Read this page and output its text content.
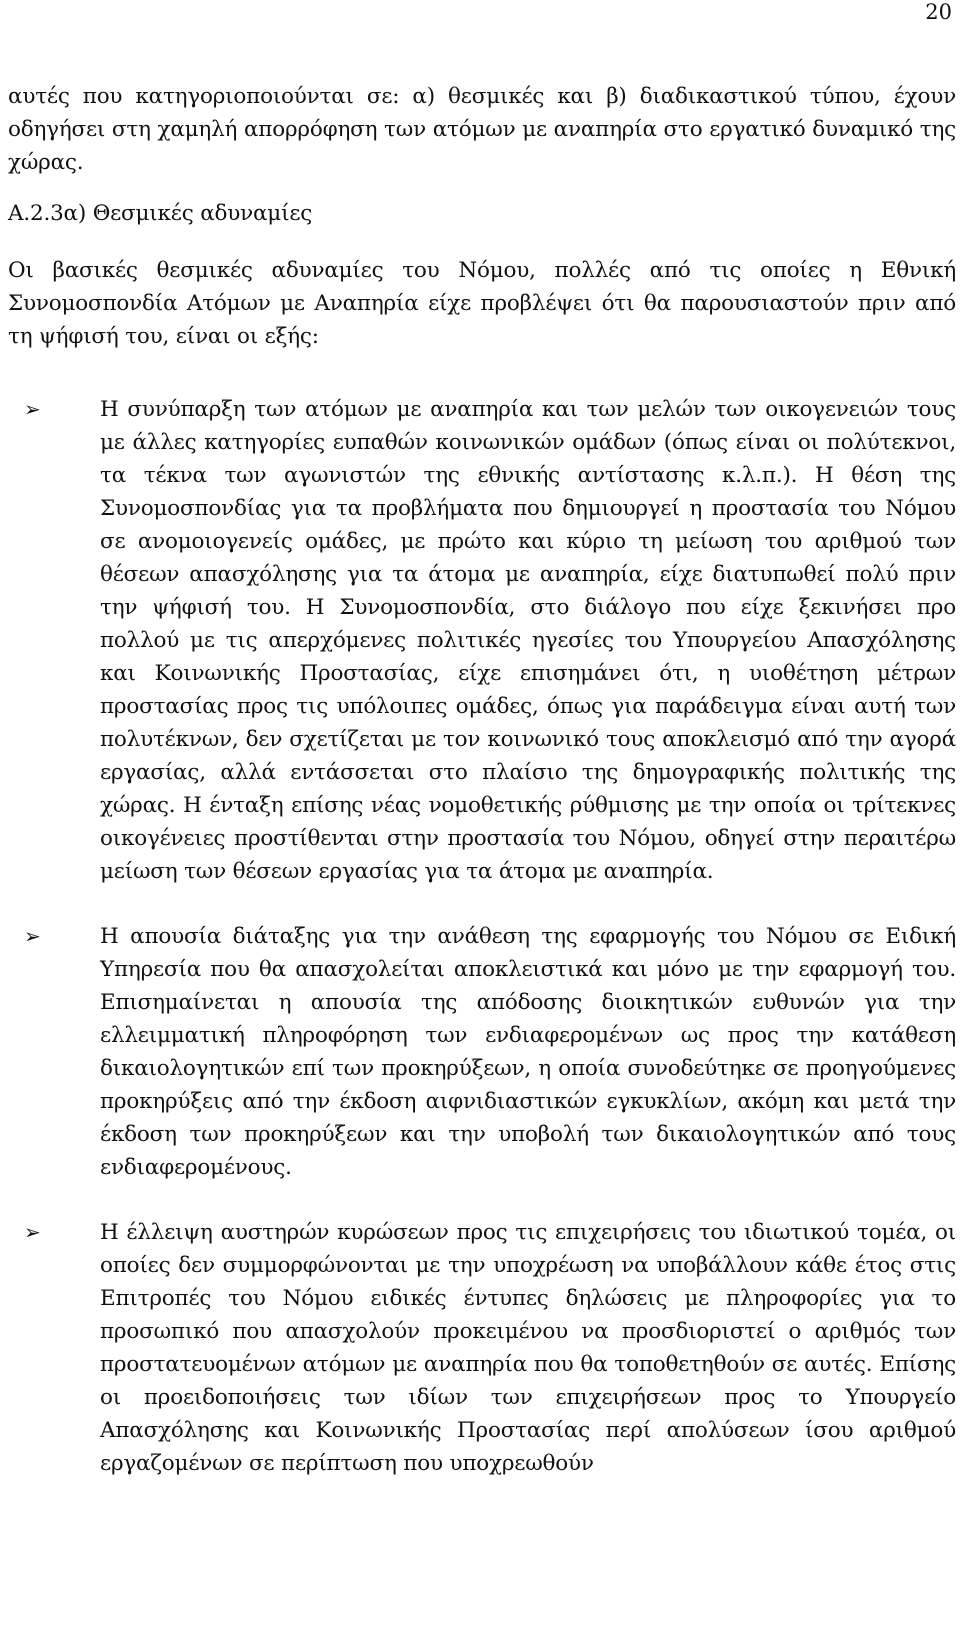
20

αυτές που κατηγοριοποιούνται σε: α) θεσμικές και β) διαδικαστικού τύπου, έχουν οδηγήσει στη χαμηλή απορρόφηση των ατόμων με αναπηρία στο εργατικό δυναμικό της χώρας.

Α.2.3α) Θεσμικές αδυναμίες

Οι βασικές θεσμικές αδυναμίες του Νόμου, πολλές από τις οποίες η Εθνική Συνομοσπονδία Ατόμων με Αναπηρία είχε προβλέψει ότι θα παρουσιαστούν πριν από τη ψήφισή του, είναι οι εξής:

➢	Η συνύπαρξη των ατόμων με αναπηρία και των μελών των οικογενειών τους με άλλες κατηγορίες ευπαθών κοινωνικών ομάδων (όπως είναι οι πολύτεκνοι, τα τέκνα των αγωνιστών της εθνικής αντίστασης κ.λ.π.). Η θέση της Συνομοσπονδίας για τα προβλήματα που δημιουργεί η προστασία του Νόμου σε ανομοιογενείς ομάδες, με πρώτο και κύριο τη μείωση του αριθμού των θέσεων απασχόλησης για τα άτομα με αναπηρία, είχε διατυπωθεί πολύ πριν την ψήφισή του. Η Συνομοσπονδία, στο διάλογο που είχε ξεκινήσει προ πολλού με τις απερχόμενες πολιτικές ηγεσίες του Υπουργείου Απασχόλησης και Κοινωνικής Προστασίας, είχε επισημάνει ότι, η υιοθέτηση μέτρων προστασίας προς τις υπόλοιπες ομάδες, όπως για παράδειγμα είναι αυτή των πολυτέκνων, δεν σχετίζεται με τον κοινωνικό τους αποκλεισμό από την αγορά εργασίας, αλλά εντάσσεται στο πλαίσιο της δημογραφικής πολιτικής της χώρας. Η ένταξη επίσης νέας νομοθετικής ρύθμισης με την οποία οι τρίτεκνες οικογένειες προστίθενται στην προστασία του Νόμου, οδηγεί στην περαιτέρω μείωση των θέσεων εργασίας για τα άτομα με αναπηρία.
➢	Η απουσία διάταξης για την ανάθεση της εφαρμογής του Νόμου σε Ειδική Υπηρεσία που θα απασχολείται αποκλειστικά και μόνο με την εφαρμογή του. Επισημαίνεται η απουσία της απόδοσης διοικητικών ευθυνών για την ελλειμματική πληροφόρηση των ενδιαφερομένων ως προς την κατάθεση δικαιολογητικών επί των προκηρύξεων, η οποία συνοδεύτηκε σε προηγούμενες προκηρύξεις από την έκδοση αιφνιδιαστικών εγκυκλίων, ακόμη και μετά την έκδοση των προκηρύξεων και την υποβολή των δικαιολογητικών από τους ενδιαφερομένους.
➢	Η έλλειψη αυστηρών κυρώσεων προς τις επιχειρήσεις του ιδιωτικού τομέα, οι οποίες δεν συμμορφώνονται με την υποχρέωση να υποβάλλουν κάθε έτος στις Επιτροπές του Νόμου ειδικές έντυπες δηλώσεις με πληροφορίες για το προσωπικό που απασχολούν προκειμένου να προσδιοριστεί ο αριθμός των προστατευομένων ατόμων με αναπηρία που θα τοποθετηθούν σε αυτές. Επίσης οι προειδοποιήσεις των ιδίων των επιχειρήσεων προς το Υπουργείο Απασχόλησης και Κοινωνικής Προστασίας περί απολύσεων ίσου αριθμού εργαζομένων σε περίπτωση που υποχρεωθούν
